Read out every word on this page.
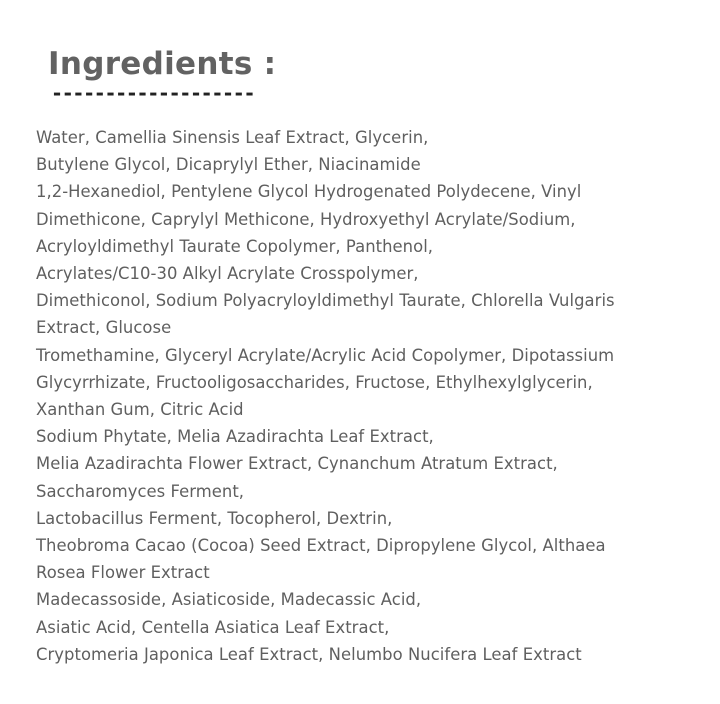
Ingredients :
-------------------
Water, Camellia Sinensis Leaf Extract, Glycerin,
Butylene Glycol, Dicaprylyl Ether, Niacinamide
1,2-Hexanediol, Pentylene Glycol Hydrogenated Polydecene, Vinyl
Dimethicone, Caprylyl Methicone, Hydroxyethyl Acrylate/Sodium,
Acryloyldimethyl Taurate Copolymer, Panthenol,
Acrylates/C10-30 Alkyl Acrylate Crosspolymer,
Dimethiconol, Sodium Polyacryloyldimethyl Taurate, Chlorella Vulgaris
Extract, Glucose
Tromethamine, Glyceryl Acrylate/Acrylic Acid Copolymer, Dipotassium
Glycyrrhizate, Fructooligosaccharides, Fructose, Ethylhexylglycerin,
Xanthan Gum, Citric Acid
Sodium Phytate, Melia Azadirachta Leaf Extract,
Melia Azadirachta Flower Extract, Cynanchum Atratum Extract,
Saccharomyces Ferment,
Lactobacillus Ferment, Tocopherol, Dextrin,
Theobroma Cacao (Cocoa) Seed Extract, Dipropylene Glycol, Althaea
Rosea Flower Extract
Madecassoside, Asiaticoside, Madecassic Acid,
Asiatic Acid, Centella Asiatica Leaf Extract,
Cryptomeria Japonica Leaf Extract, Nelumbo Nucifera Leaf Extract
